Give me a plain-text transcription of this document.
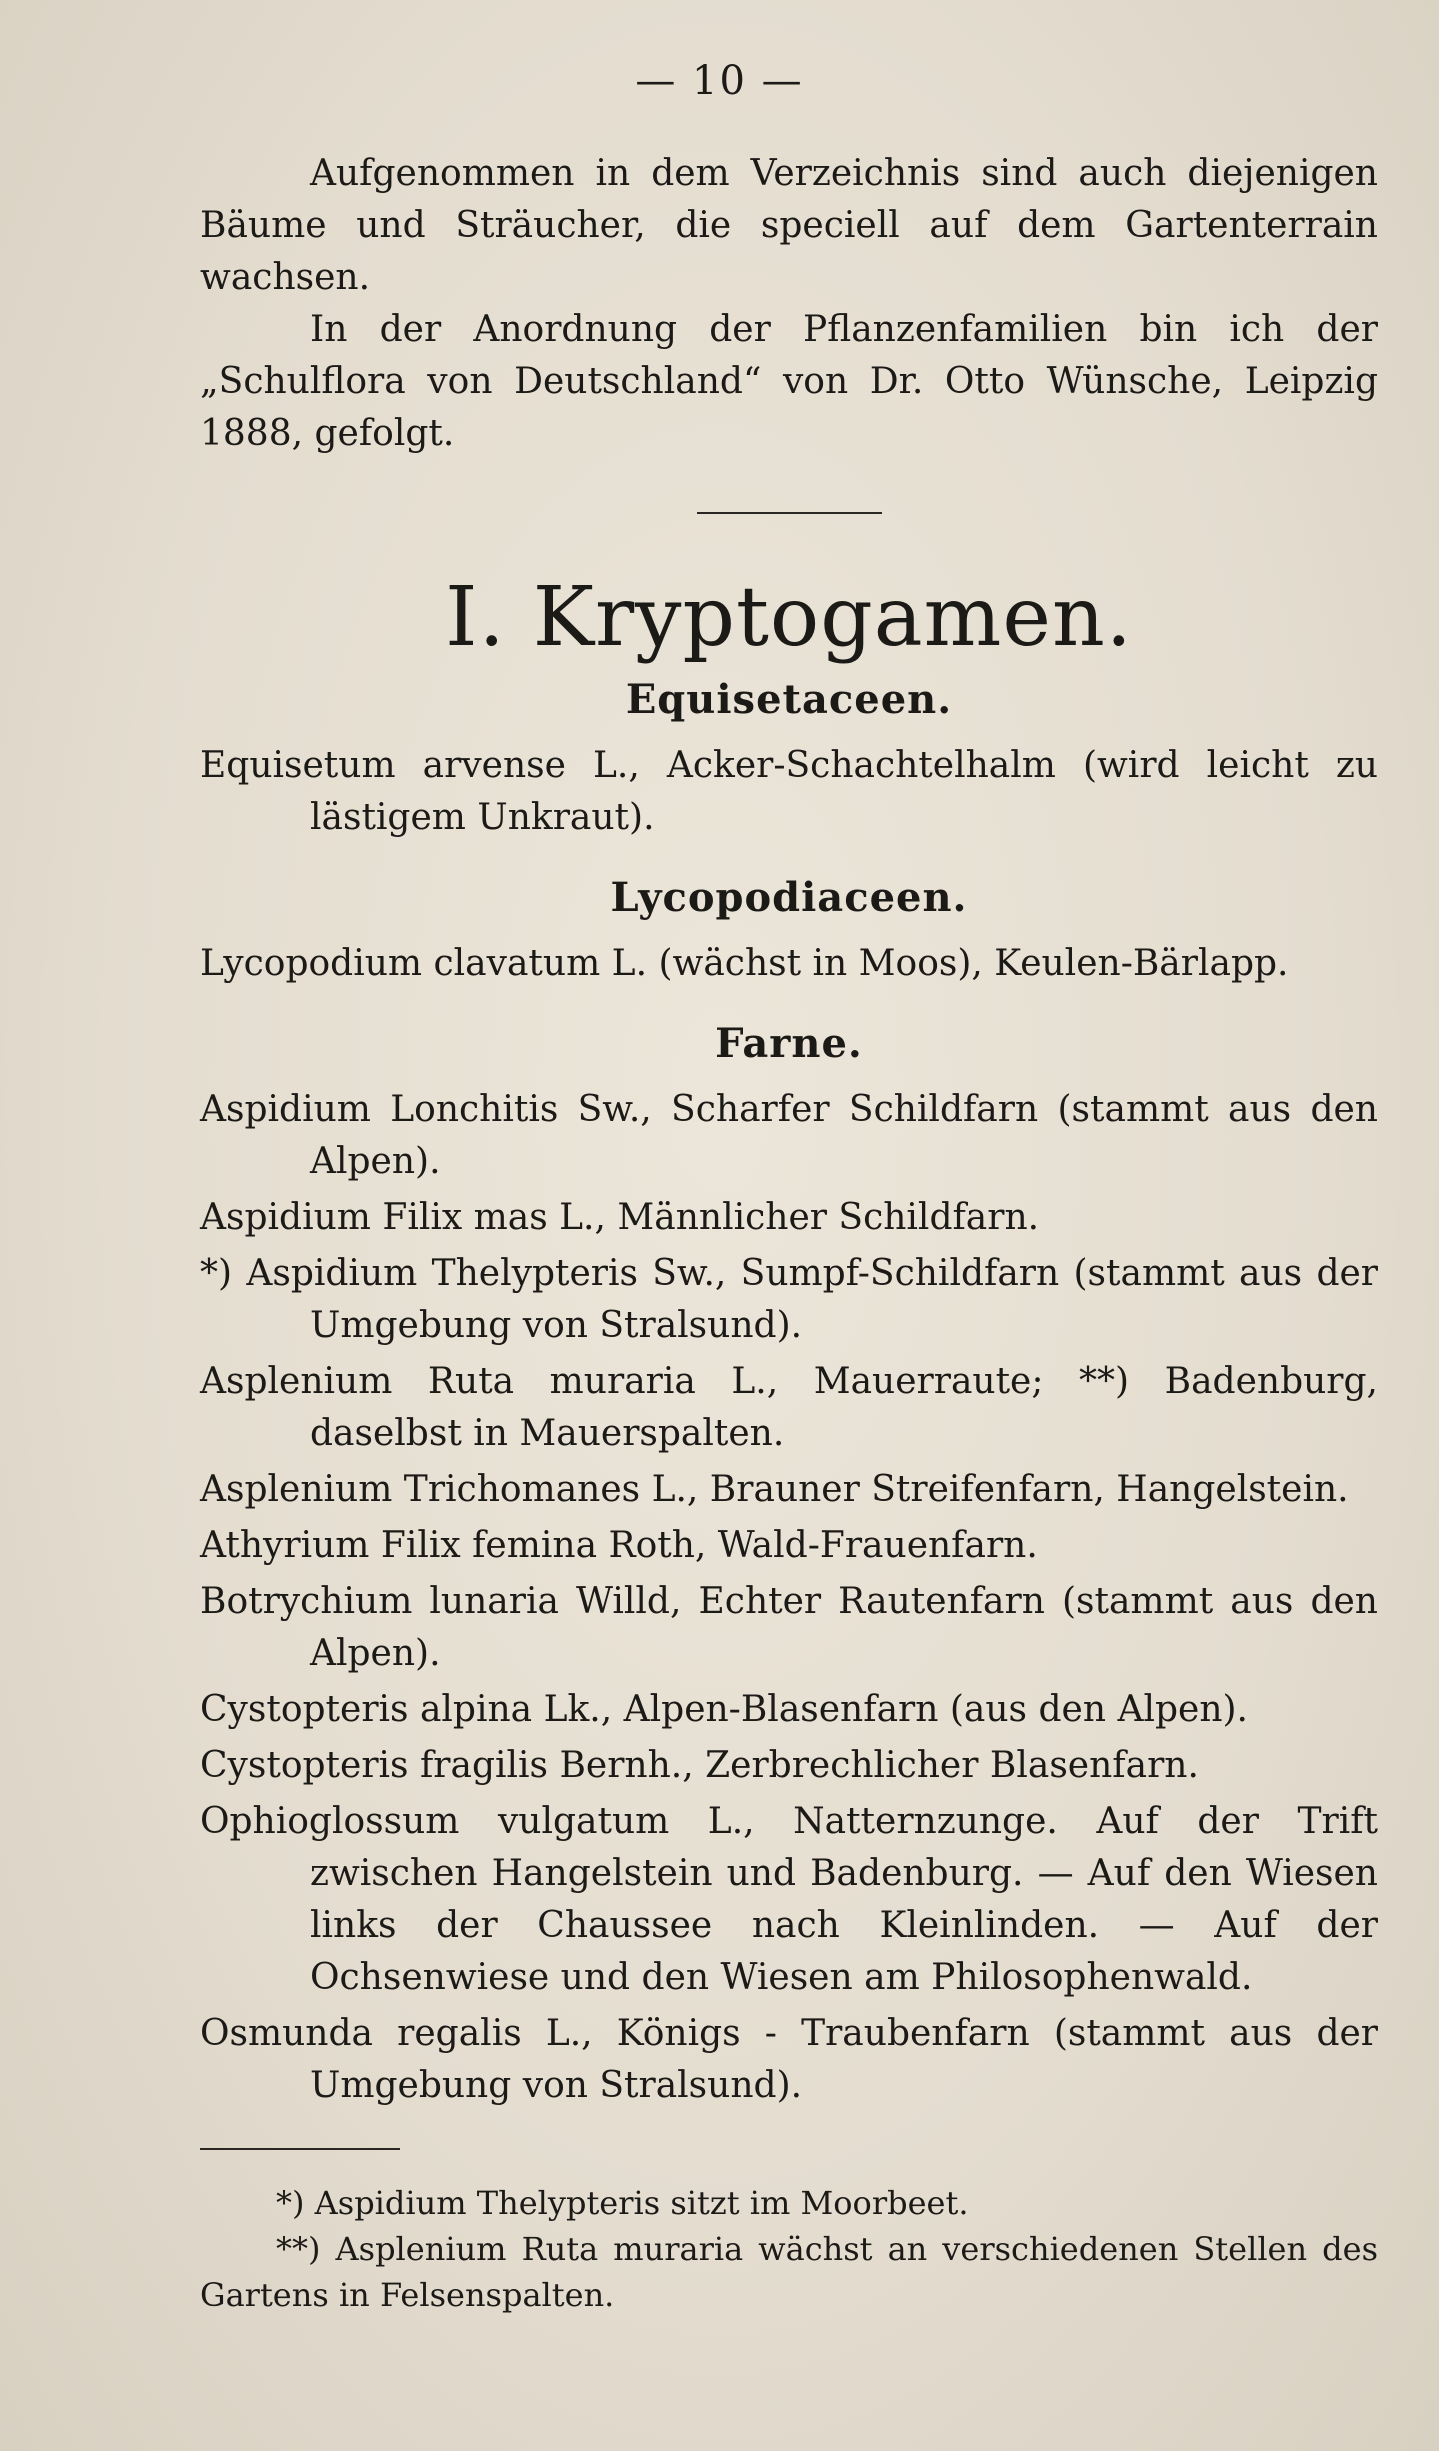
— 10 —

Aufgenommen in dem Verzeichnis sind auch diejenigen Bäume und Sträucher, die speciell auf dem Gartenterrain wachsen.

In der Anordnung der Pflanzenfamilien bin ich der „Schulflora von Deutschland“ von Dr. Otto Wünsche, Leipzig 1888, gefolgt.

I. Kryptogamen.
Equisetaceen.

Equisetum arvense L., Acker-Schachtelhalm (wird leicht zu lästigem Unkraut).

Lycopodiaceen.

Lycopodium clavatum L. (wächst in Moos), Keulen-Bärlapp.

Farne.

Aspidium Lonchitis Sw., Scharfer Schildfarn (stammt aus den Alpen).

Aspidium Filix mas L., Männlicher Schildfarn.

*) Aspidium Thelypteris Sw., Sumpf-Schildfarn (stammt aus der Umgebung von Stralsund).

Asplenium Ruta muraria L., Mauerraute; **) Badenburg, daselbst in Mauerspalten.

Asplenium Trichomanes L., Brauner Streifenfarn, Hangelstein.

Athyrium Filix femina Roth, Wald-Frauenfarn.

Botrychium lunaria Willd, Echter Rautenfarn (stammt aus den Alpen).

Cystopteris alpina Lk., Alpen-Blasenfarn (aus den Alpen).

Cystopteris fragilis Bernh., Zerbrechlicher Blasenfarn.

Ophioglossum vulgatum L., Natternzunge. Auf der Trift zwischen Hangelstein und Badenburg. — Auf den Wiesen links der Chaussee nach Kleinlinden. — Auf der Ochsenwiese und den Wiesen am Philosophenwald.

Osmunda regalis L., Königs - Traubenfarn (stammt aus der Umgebung von Stralsund).

*) Aspidium Thelypteris sitzt im Moorbeet.

**) Asplenium Ruta muraria wächst an verschiedenen Stellen des Gartens in Felsenspalten.
